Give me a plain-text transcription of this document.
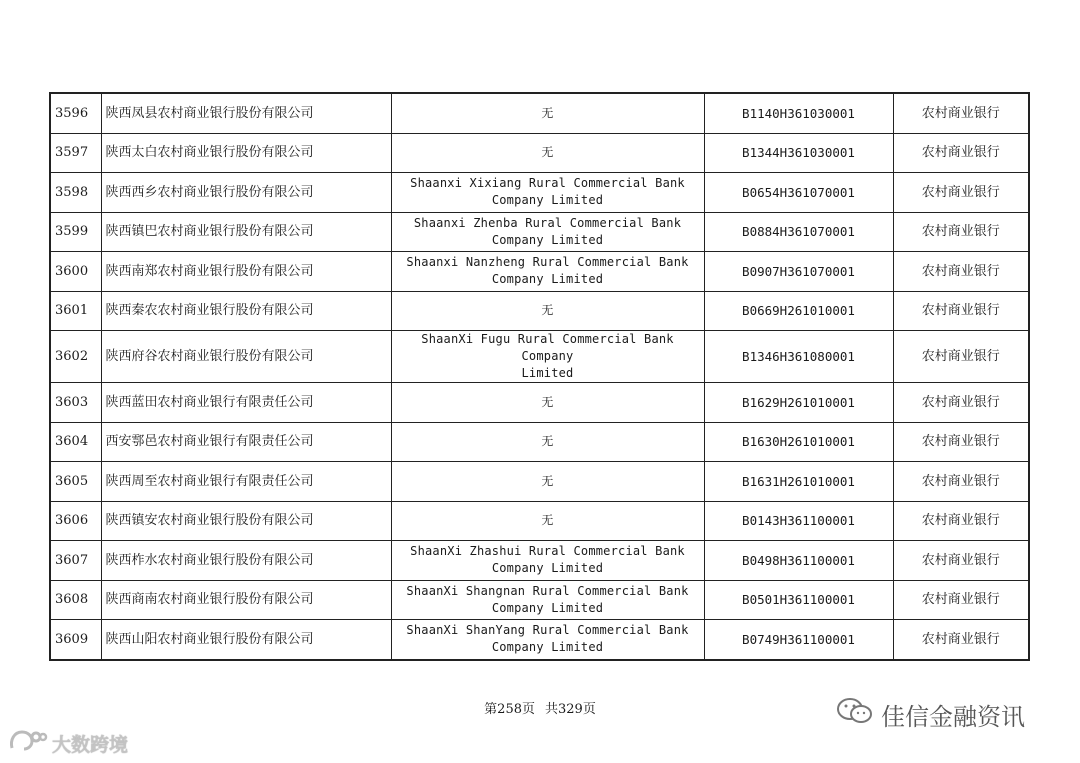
3596	陕西凤县农村商业银行股份有限公司	无	B1140H361030001	农村商业银行
3597	陕西太白农村商业银行股份有限公司	无	B1344H361030001	农村商业银行
3598	陕西西乡农村商业银行股份有限公司	Shaanxi Xixiang Rural Commercial Bank
Company Limited	B0654H361070001	农村商业银行
3599	陕西镇巴农村商业银行股份有限公司	Shaanxi Zhenba Rural Commercial Bank
Company Limited	B0884H361070001	农村商业银行
3600	陕西南郑农村商业银行股份有限公司	Shaanxi Nanzheng Rural Commercial Bank
Company Limited	B0907H361070001	农村商业银行
3601	陕西秦农农村商业银行股份有限公司	无	B0669H261010001	农村商业银行
3602	陕西府谷农村商业银行股份有限公司	ShaanXi Fugu Rural Commercial Bank Company
Limited	B1346H361080001	农村商业银行
3603	陕西蓝田农村商业银行有限责任公司	无	B1629H261010001	农村商业银行
3604	西安鄠邑农村商业银行有限责任公司	无	B1630H261010001	农村商业银行
3605	陕西周至农村商业银行有限责任公司	无	B1631H261010001	农村商业银行
3606	陕西镇安农村商业银行股份有限公司	无	B0143H361100001	农村商业银行
3607	陕西柞水农村商业银行股份有限公司	ShaanXi Zhashui Rural Commercial Bank
Company Limited	B0498H361100001	农村商业银行
3608	陕西商南农村商业银行股份有限公司	ShaanXi Shangnan Rural Commercial Bank
Company Limited	B0501H361100001	农村商业银行
3609	陕西山阳农村商业银行股份有限公司	ShaanXi ShanYang Rural Commercial Bank
Company Limited	B0749H361100001	农村商业银行
第258页 共329页
大数跨境
佳信金融资讯
